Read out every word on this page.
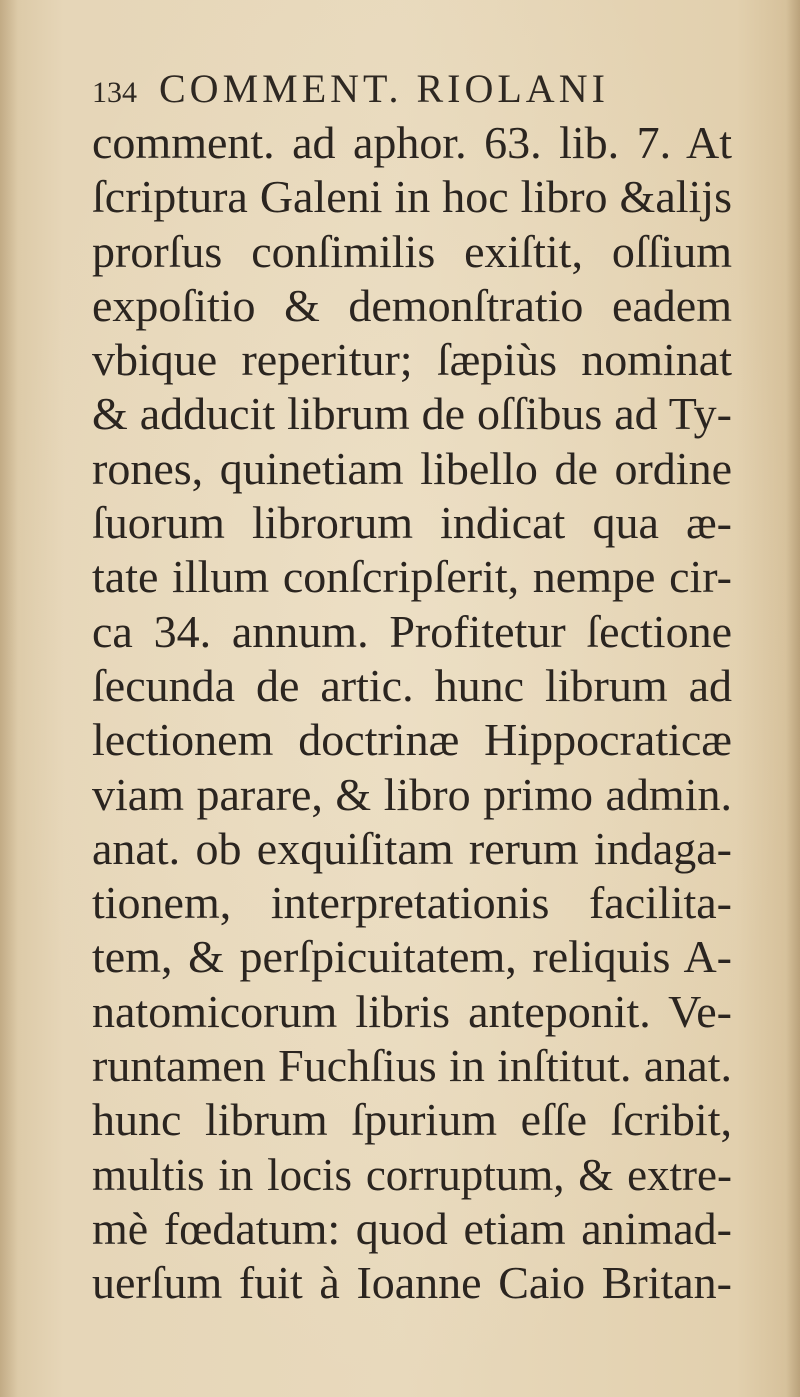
134 COMMENT. RIOLANI
comment. ad aphor. 63. lib. 7. At
ſcriptura Galeni in hoc libro &alijs
prorſus conſimilis exiſtit, oſſium
expoſitio & demonſtratio eadem
vbique reperitur; ſæpiùs nominat
& adducit librum de oſſibus ad Ty-
rones, quinetiam libello de ordine
ſuorum librorum indicat qua æ-
tate illum conſcripſerit, nempe cir-
ca 34. annum. Profitetur ſectione
ſecunda de artic. hunc librum ad
lectionem doctrinæ Hippocraticæ
viam parare, & libro primo admin.
anat. ob exquiſitam rerum indaga-
tionem, interpretationis facilita-
tem, & perſpicuitatem, reliquis A-
natomicorum libris anteponit. Ve-
runtamen Fuchſius in inſtitut. anat.
hunc librum ſpurium eſſe ſcribit,
multis in locis corruptum, & extre-
mè fœdatum: quod etiam animad-
uerſum fuit à Ioanne Caio Britan-
